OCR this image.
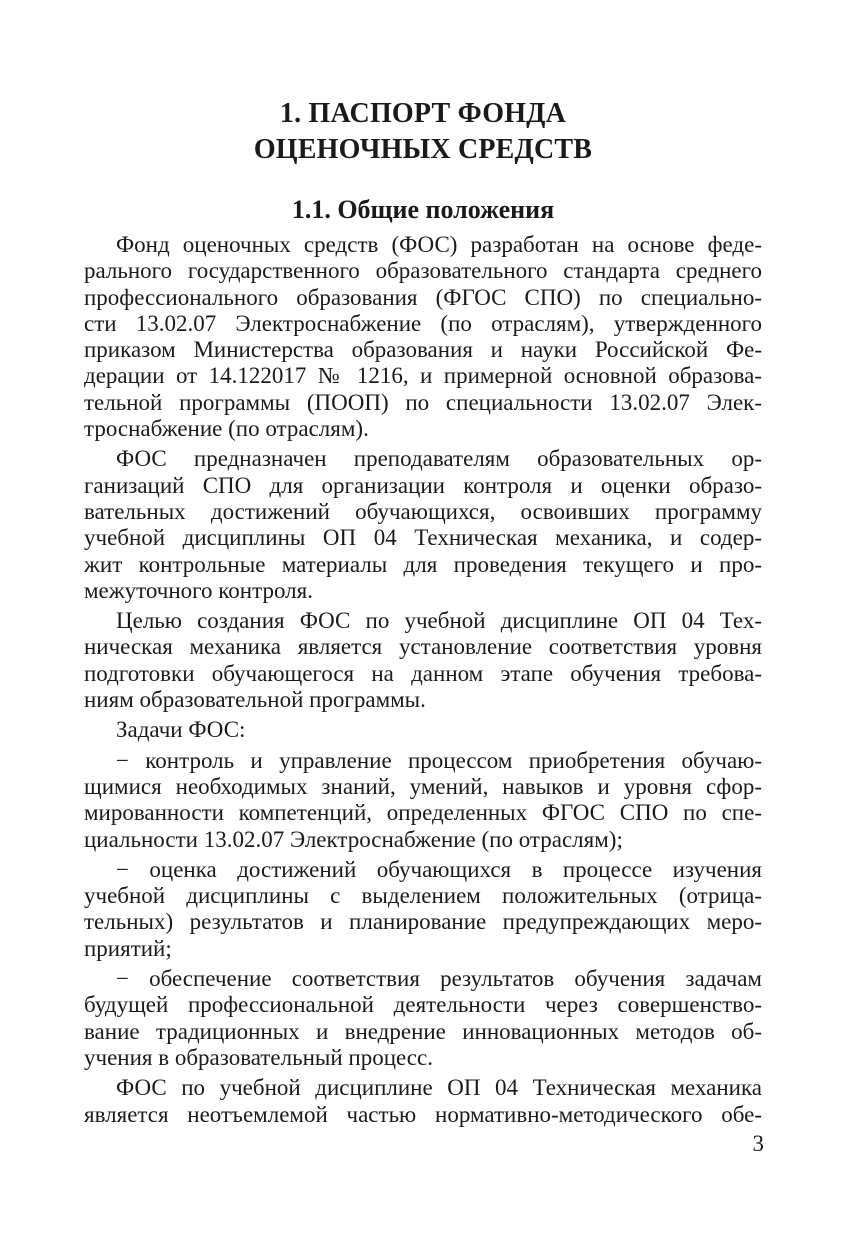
1. ПАСПОРТ ФОНДА
ОЦЕНОЧНЫХ СРЕДСТВ
1.1. Общие положения
Фонд оценочных средств (ФОС) разработан на основе феде-
рального государственного образовательного стандарта среднего
профессионального образования (ФГОС СПО) по специально-
сти 13.02.07 Электроснабжение (по отраслям), утвержденного
приказом Министерства образования и науки Российской Фе-
дерации от 14.122017 № 1216, и примерной основной образова-
тельной программы (ПООП) по специальности 13.02.07 Элек-
троснабжение (по отраслям).
ФОС предназначен преподавателям образовательных ор-
ганизаций СПО для организации контроля и оценки образо-
вательных достижений обучающихся, освоивших программу
учебной дисциплины ОП 04 Техническая механика, и содер-
жит контрольные материалы для проведения текущего и про-
межуточного контроля.
Целью создания ФОС по учебной дисциплине ОП 04 Тех-
ническая механика является установление соответствия уровня
подготовки обучающегося на данном этапе обучения требова-
ниям образовательной программы.
Задачи ФОС:
− контроль и управление процессом приобретения обучаю-
щимися необходимых знаний, умений, навыков и уровня сфор-
мированности компетенций, определенных ФГОС СПО по спе-
циальности 13.02.07 Электроснабжение (по отраслям);
− оценка достижений обучающихся в процессе изучения
учебной дисциплины с выделением положительных (отрица-
тельных) результатов и планирование предупреждающих меро-
приятий;
− обеспечение соответствия результатов обучения задачам
будущей профессиональной деятельности через совершенство-
вание традиционных и внедрение инновационных методов об-
учения в образовательный процесс.
ФОС по учебной дисциплине ОП 04 Техническая механика
является неотъемлемой частью нормативно-методического обе-
3
